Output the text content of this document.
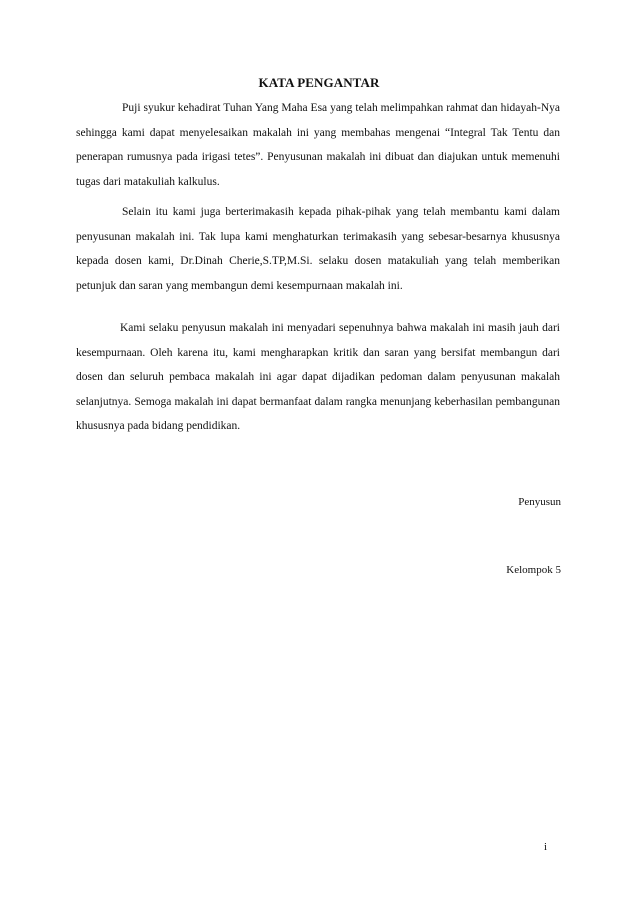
KATA PENGANTAR

Puji syukur kehadirat Tuhan Yang Maha Esa yang telah melimpahkan rahmat dan hidayah-Nya sehingga kami dapat menyelesaikan makalah ini yang membahas mengenai “Integral Tak Tentu dan penerapan rumusnya pada irigasi tetes”. Penyusunan makalah ini dibuat dan diajukan untuk memenuhi tugas dari matakuliah kalkulus.

Selain itu kami juga berterimakasih kepada pihak-pihak yang telah membantu kami dalam penyusunan makalah ini. Tak lupa kami menghaturkan terimakasih yang sebesar-besarnya khususnya kepada dosen kami, Dr.Dinah Cherie,S.TP,M.Si. selaku dosen matakuliah yang telah memberikan petunjuk dan saran yang membangun demi kesempurnaan makalah ini.

Kami selaku penyusun makalah ini menyadari sepenuhnya bahwa makalah ini masih jauh dari kesempurnaan. Oleh karena itu, kami mengharapkan kritik dan saran yang bersifat membangun dari dosen dan seluruh pembaca makalah ini agar dapat dijadikan pedoman dalam penyusunan makalah selanjutnya. Semoga makalah ini dapat bermanfaat dalam rangka menunjang keberhasilan pembangunan khususnya pada bidang pendidikan.

Penyusun
Kelompok 5
i
